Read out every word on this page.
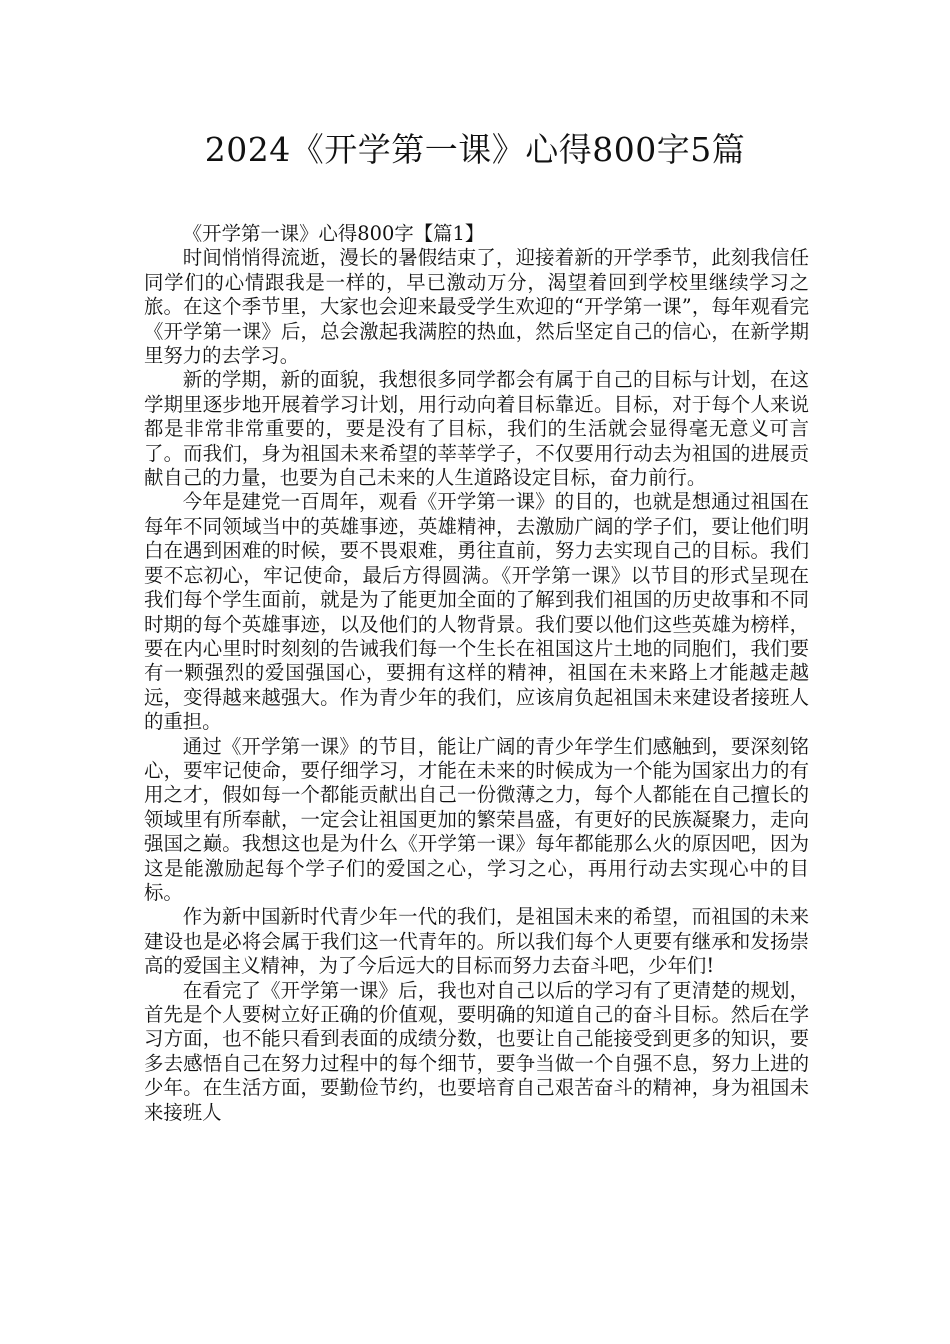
2024《开学第一课》心得800字5篇
《开学第一课》心得800字【篇1】

时间悄悄得流逝，漫长的暑假结束了，迎接着新的开学季节，此刻我信任同学们的心情跟我是一样的，早已激动万分，渴望着回到学校里继续学习之旅。在这个季节里，大家也会迎来最受学生欢迎的“开学第一课”，每年观看完《开学第一课》后，总会激起我满腔的热血，然后坚定自己的信心，在新学期里努力的去学习。

新的学期，新的面貌，我想很多同学都会有属于自己的目标与计划，在这学期里逐步地开展着学习计划，用行动向着目标靠近。目标，对于每个人来说都是非常非常重要的，要是没有了目标，我们的生活就会显得毫无意义可言了。而我们，身为祖国未来希望的莘莘学子，不仅要用行动去为祖国的进展贡献自己的力量，也要为自己未来的人生道路设定目标，奋力前行。

今年是建党一百周年，观看《开学第一课》的目的，也就是想通过祖国在每年不同领域当中的英雄事迹，英雄精神，去激励广阔的学子们，要让他们明白在遇到困难的时候，要不畏艰难，勇往直前，努力去实现自己的目标。我们要不忘初心，牢记使命，最后方得圆满。《开学第一课》以节目的形式呈现在我们每个学生面前，就是为了能更加全面的了解到我们祖国的历史故事和不同时期的每个英雄事迹，以及他们的人物背景。我们要以他们这些英雄为榜样，要在内心里时时刻刻的告诫我们每一个生长在祖国这片土地的同胞们，我们要有一颗强烈的爱国强国心，要拥有这样的精神，祖国在未来路上才能越走越远，变得越来越强大。作为青少年的我们，应该肩负起祖国未来建设者接班人的重担。

通过《开学第一课》的节目，能让广阔的青少年学生们感触到，要深刻铭心，要牢记使命，要仔细学习，才能在未来的时候成为一个能为国家出力的有用之才，假如每一个都能贡献出自己一份微薄之力，每个人都能在自己擅长的领域里有所奉献，一定会让祖国更加的繁荣昌盛，有更好的民族凝聚力，走向强国之巅。我想这也是为什么《开学第一课》每年都能那么火的原因吧，因为这是能激励起每个学子们的爱国之心，学习之心，再用行动去实现心中的目标。

作为新中国新时代青少年一代的我们，是祖国未来的希望，而祖国的未来建设也是必将会属于我们这一代青年的。所以我们每个人更要有继承和发扬崇高的爱国主义精神，为了今后远大的目标而努力去奋斗吧，少年们!

在看完了《开学第一课》后，我也对自己以后的学习有了更清楚的规划，首先是个人要树立好正确的价值观，要明确的知道自己的奋斗目标。然后在学习方面，也不能只看到表面的成绩分数，也要让自己能接受到更多的知识，要多去感悟自己在努力过程中的每个细节，要争当做一个自强不息，努力上进的少年。在生活方面，要勤俭节约，也要培育自己艰苦奋斗的精神，身为祖国未来接班人
